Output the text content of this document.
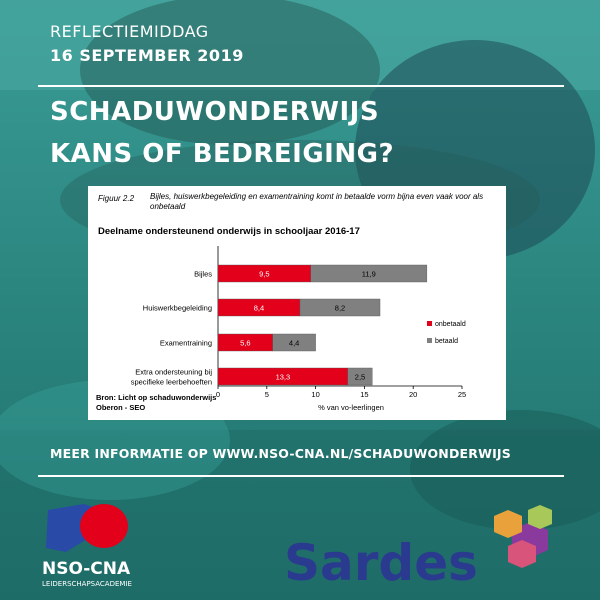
REFLECTIEMIDDAG
16 SEPTEMBER 2019
SCHADUWONDERWIJS
KANS OF BEDREIGING?
Figuur 2.2 Bijles, huiswerkbegeleiding en examentraining komt in betaalde vorm bijna even vaak voor als onbetaald
Deelname ondersteunend onderwijs in schooljaar 2016-17
0	5	10	15	20	25
9,5
8,4
5,6
13,3
11,9
8,2
4,4
2,5
Bijles
Huiswerkbegeleiding
Examentraining
Extra ondersteuning bij specifieke leerbehoeften
% van vo-leerlingen
Bron: Licht op schaduwonderwijs
Oberon - SEO
onbetaald
betaald
MEER INFORMATIE OP WWW.NSO-CNA.NL/SCHADUWONDERWIJS
NSO-CNA
LEIDERSCHAPSACADEMIE	Sardes
